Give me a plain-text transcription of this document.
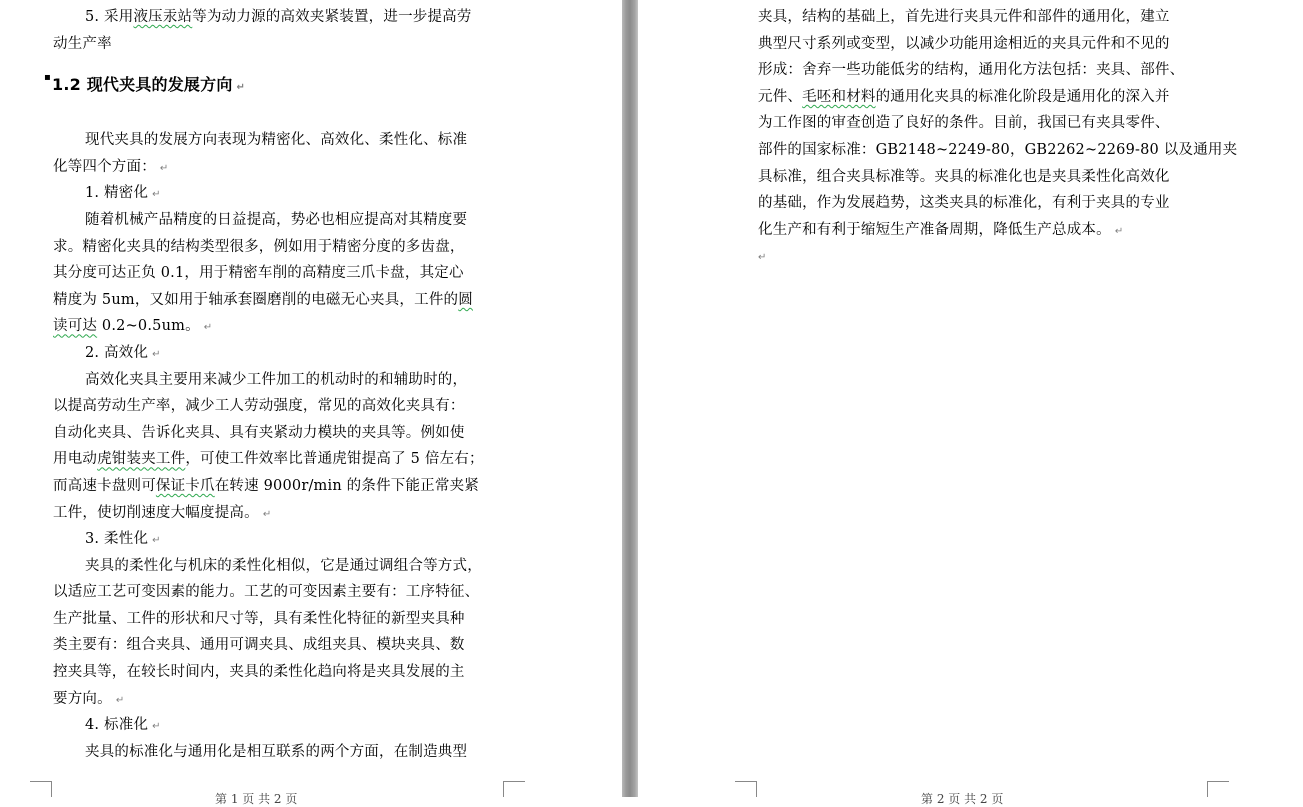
5. 采用液压汞站等为动力源的高效夹紧装置，进一步提高劳
动生产率
▪ 1.2 现代夹具的发展方向 ↵
现代夹具的发展方向表现为精密化、高效化、柔性化、标准
化等四个方面： ↵
1. 精密化 ↵
随着机械产品精度的日益提高，势必也相应提高对其精度要
求。精密化夹具的结构类型很多，例如用于精密分度的多齿盘，
其分度可达正负 0.1，用于精密车削的高精度三爪卡盘，其定心
精度为 5um，又如用于轴承套圈磨削的电磁无心夹具，工件的圆
读可达 0.2~0.5um。 ↵
2. 高效化 ↵
高效化夹具主要用来减少工件加工的机动时的和辅助时的，
以提高劳动生产率，减少工人劳动强度，常见的高效化夹具有：
自动化夹具、告诉化夹具、具有夹紧动力模块的夹具等。例如使
用电动虎钳装夹工件，可使工件效率比普通虎钳提高了 5 倍左右；
而高速卡盘则可保证卡爪在转速 9000r/min 的条件下能正常夹紧
工件，使切削速度大幅度提高。 ↵
3. 柔性化 ↵
夹具的柔性化与机床的柔性化相似，它是通过调组合等方式，
以适应工艺可变因素的能力。工艺的可变因素主要有：工序特征、
生产批量、工件的形状和尺寸等，具有柔性化特征的新型夹具种
类主要有：组合夹具、通用可调夹具、成组夹具、模块夹具、数
控夹具等，在较长时间内，夹具的柔性化趋向将是夹具发展的主
要方向。 ↵
4. 标准化 ↵
夹具的标准化与通用化是相互联系的两个方面，在制造典型
第 1 页 共 2 页
夹具，结构的基础上，首先进行夹具元件和部件的通用化，建立
典型尺寸系列或变型，以减少功能用途相近的夹具元件和不见的
形成：舍弃一些功能低劣的结构，通用化方法包括：夹具、部件、
元件、毛呸和材料的通用化夹具的标准化阶段是通用化的深入并
为工作图的审查创造了良好的条件。目前，我国已有夹具零件、
部件的国家标准：GB2148~2249-80，GB2262~2269-80 以及通用夹
具标准，组合夹具标准等。夹具的标准化也是夹具柔性化高效化
的基础，作为发展趋势，这类夹具的标准化，有利于夹具的专业
化生产和有利于缩短生产准备周期，降低生产总成本。 ↵
↵
第 2 页 共 2 页
